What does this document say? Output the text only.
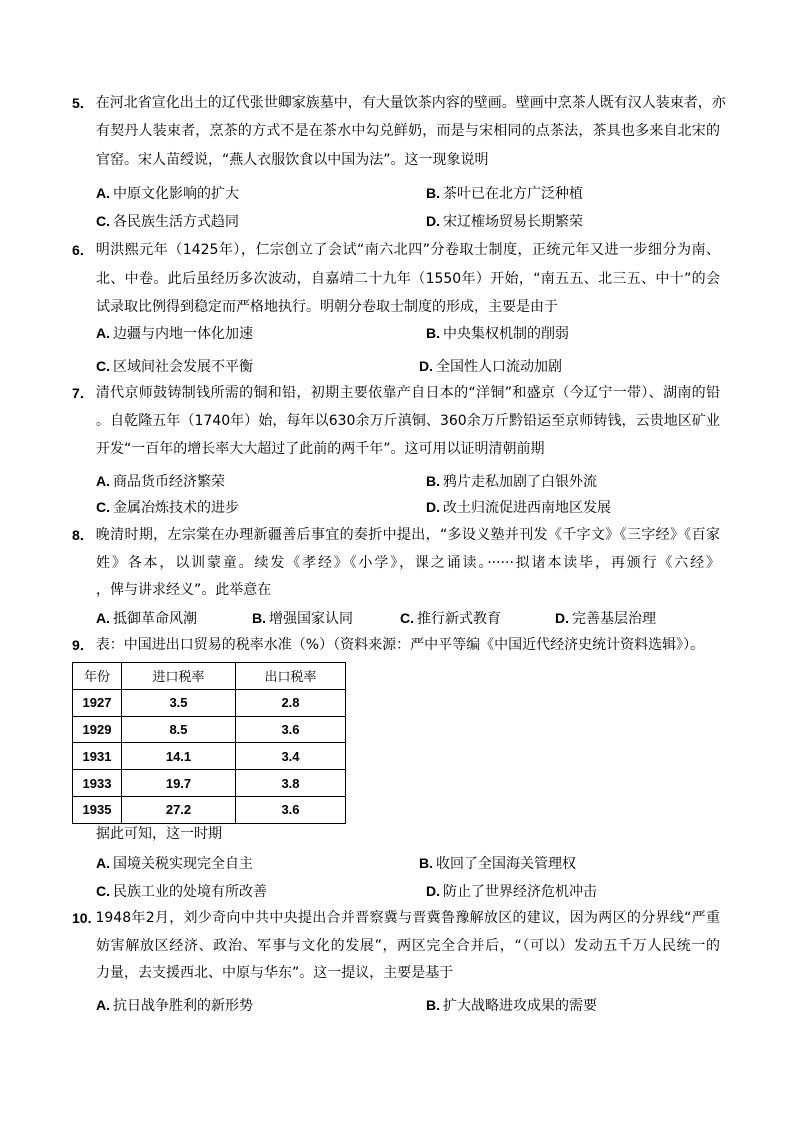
5． 在河北省宣化出土的辽代张世卿家族墓中，有大量饮茶内容的壁画。壁画中烹茶人既有汉人装束者，亦
有契丹人装束者，烹茶的方式不是在茶水中勾兑鲜奶，而是与宋相同的点茶法，茶具也多来自北宋的
官窑。宋人苗绶说，“燕人衣服饮食以中国为法”。这一现象说明
A. 中原文化影响的扩大	B. 茶叶已在北方广泛种植
C. 各民族生活方式趋同	D. 宋辽榷场贸易长期繁荣
6． 明洪熙元年（1425年），仁宗创立了会试“南六北四”分卷取士制度，正统元年又进一步细分为南、
北、中卷。此后虽经历多次波动，自嘉靖二十九年（1550年）开始，“南五五、北三五、中十”的会
试录取比例得到稳定而严格地执行。明朝分卷取士制度的形成，主要是由于
A. 边疆与内地一体化加速	B. 中央集权机制的削弱
C. 区域间社会发展不平衡	D. 全国性人口流动加剧
7． 清代京师鼓铸制钱所需的铜和铅，初期主要依靠产自日本的“洋铜”和盛京（今辽宁一带）、湖南的铅
。自乾隆五年（1740年）始，每年以630余万斤滇铜、360余万斤黔铅运至京师铸钱，云贵地区矿业
开发“一百年的增长率大大超过了此前的两千年”。这可用以证明清朝前期
A. 商品货币经济繁荣	B. 鸦片走私加剧了白银外流
C. 金属冶炼技术的进步	D. 改土归流促进西南地区发展
8． 晚清时期，左宗棠在办理新疆善后事宜的奏折中提出，“多设义塾并刊发《千字文》《三字经》《百家
姓》各本，以训蒙童。续发《孝经》《小学》，课之诵读。······拟诸本读毕，再颁行《六经》
，俾与讲求经义”。此举意在
A. 抵御革命风潮	B. 增强国家认同	C. 推行新式教育	D. 完善基层治理
9． 表：中国进出口贸易的税率水准（%）（资料来源：严中平等编《中国近代经济史统计资料选辑》）。
年份	进口税率	出口税率
1927	3.5	2.8
1929	8.5	3.6
1931	14.1	3.4
1933	19.7	3.8
1935	27.2	3.6
据此可知，这一时期
A. 国境关税实现完全自主	B. 收回了全国海关管理权
C. 民族工业的处境有所改善	D. 防止了世界经济危机冲击
10. 1948年2月，刘少奇向中共中央提出合并晋察冀与晋冀鲁豫解放区的建议，因为两区的分界线“严重
妨害解放区经济、政治、军事与文化的发展”，两区完全合并后，“（可以）发动五千万人民统一的
力量，去支援西北、中原与华东”。这一提议，主要是基于
A. 抗日战争胜利的新形势	B. 扩大战略进攻成果的需要
